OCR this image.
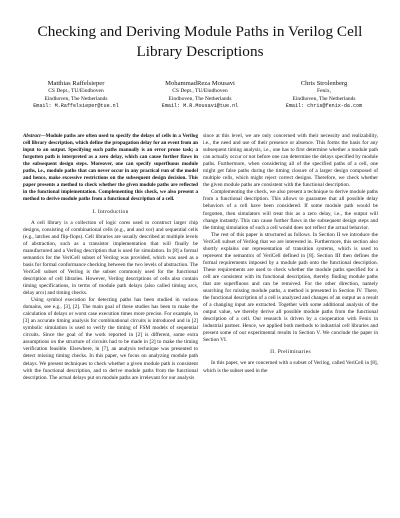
Checking and Deriving Module Paths in Verilog Cell Library Descriptions
Matthias Raffelsieper
CS Dept., TU/Eindhoven
Eindhoven, The Netherlands
Email: M.Raffelsieper@tue.nl
MohammadReza Mousavi
CS Dept., TU/Eindhoven
Eindhoven, The Netherlands
Email: M.R.Mousavi@tue.nl
Chris Strolenberg
Fenix,
Eindhoven, The Netherlands
Email: chris@fenix-da.com

Abstract—Module paths are often used to specify the delays of cells in a Verilog cell library description, which define the propagation delay for an event from an input to an output. Specifying such paths manually is an error prone task; a forgotten path is interpreted as a zero delay, which can cause further flaws in the subsequent design steps. Moreover, one can specify superfluous module paths, i.e., module paths that can never occur in any practical run of the model and hence, make excessive restrictions on the subsequent design decision. This paper presents a method to check whether the given module paths are reflected in the functional implementation. Complementing this check, we also present a method to derive module paths from a functional description of a cell.

I. Introduction

A cell library is a collection of logic cores used to construct larger chip designs, consisting of combinational cells (e.g., and and xor) and sequential cells (e.g., latches and flip-flops). Cell libraries are usually described at multiple levels of abstraction, such as a transistor implementation that will finally be manufactured and a Verilog description that is used for simulation. In [8] a formal semantics for the VeriCell subset of Verilog was provided, which was used as a basis for formal conformance checking between the two levels of abstraction. The VeriCell subset of Verilog is the subset commonly used for the functional description of cell libraries. However, Verilog descriptions of cells also contain timing specifications, in terms of module path delays (also called timing arcs, delay arcs) and timing checks.

Using symbol execution for detecting paths has been studied in various domains, see e.g., [3], [2]. The main goal of these studies has been to make the calculation of delays or worst case execution times more precise. For example, in [3] an accurate timing analysis for combinational circuits is introduced and in [2] symbolic simulation is used to verify the timing of FSM models of sequential circuits. Since the goal of the work reported in [2] is different, some extra assumptions on the structure of circuits had to be made in [2] to make the timing verification feasible. Elsewhere, in [7], an analysis technique was presented to detect missing timing checks. In this paper, we focus on analyzing module path delays. We present techniques to check whether a given module path is consistent with the functional description, and to derive module paths from the functional description. The actual delays put on module paths are irrelevant for our analysis

since at this level, we are only concerned with their necessity and realizability, i.e., the need and use of their presence or absence. This forms the basis for any subsequent timing analysis, i.e., one has to first determine whether a module path can actually occur or not before one can determine the delays specified by module paths. Furthermore, when considering all of the specified paths of a cell, one might get false paths during the timing closure of a larger design composed of multiple cells, which might reject correct designs. Therefore, we check whether the given module paths are consistent with the functional description.

Complementing the check, we also present a technique to derive module paths from a functional description. This allows to guarantee that all possible delay behaviors of a cell have been considered. If some module path would be forgotten, then simulators will treat this as a zero delay, i.e., the output will change instantly. This can cause further flaws in the subsequent design steps and the timing simulation of such a cell would does not reflect the actual behavior.

The rest of this paper is structured as follows. In Section II we introduce the VeriCell subset of Verilog that we are interested in. Furthermore, this section also shortly explains our representation of transition systems, which is used to represent the semantics of VeriCell defined in [8]. Section III then defines the formal requirements imposed by a module path onto the functional description. These requirements are used to check whether the module paths specified for a cell are consistent with its functional description, thereby finding module paths that are superfluous and can be removed. For the other direction, namely searching for missing module paths, a method is presented in Section IV. There, the functional description of a cell is analyzed and changes of an output as a result of a changing input are extracted. Together with some additional analysis of the output value, we thereby derive all possible module paths from the functional description of a cell. Our research is driven by a cooperation with Fenix in industrial partner. Hence, we applied both methods to industrial cell libraries and present some of our experimental results in Section V. We conclude the paper in Section VI.

II. Preliminaries

In this paper, we are concerned with a subset of Verilog, called VeriCell in [8], which is the subset used in the
